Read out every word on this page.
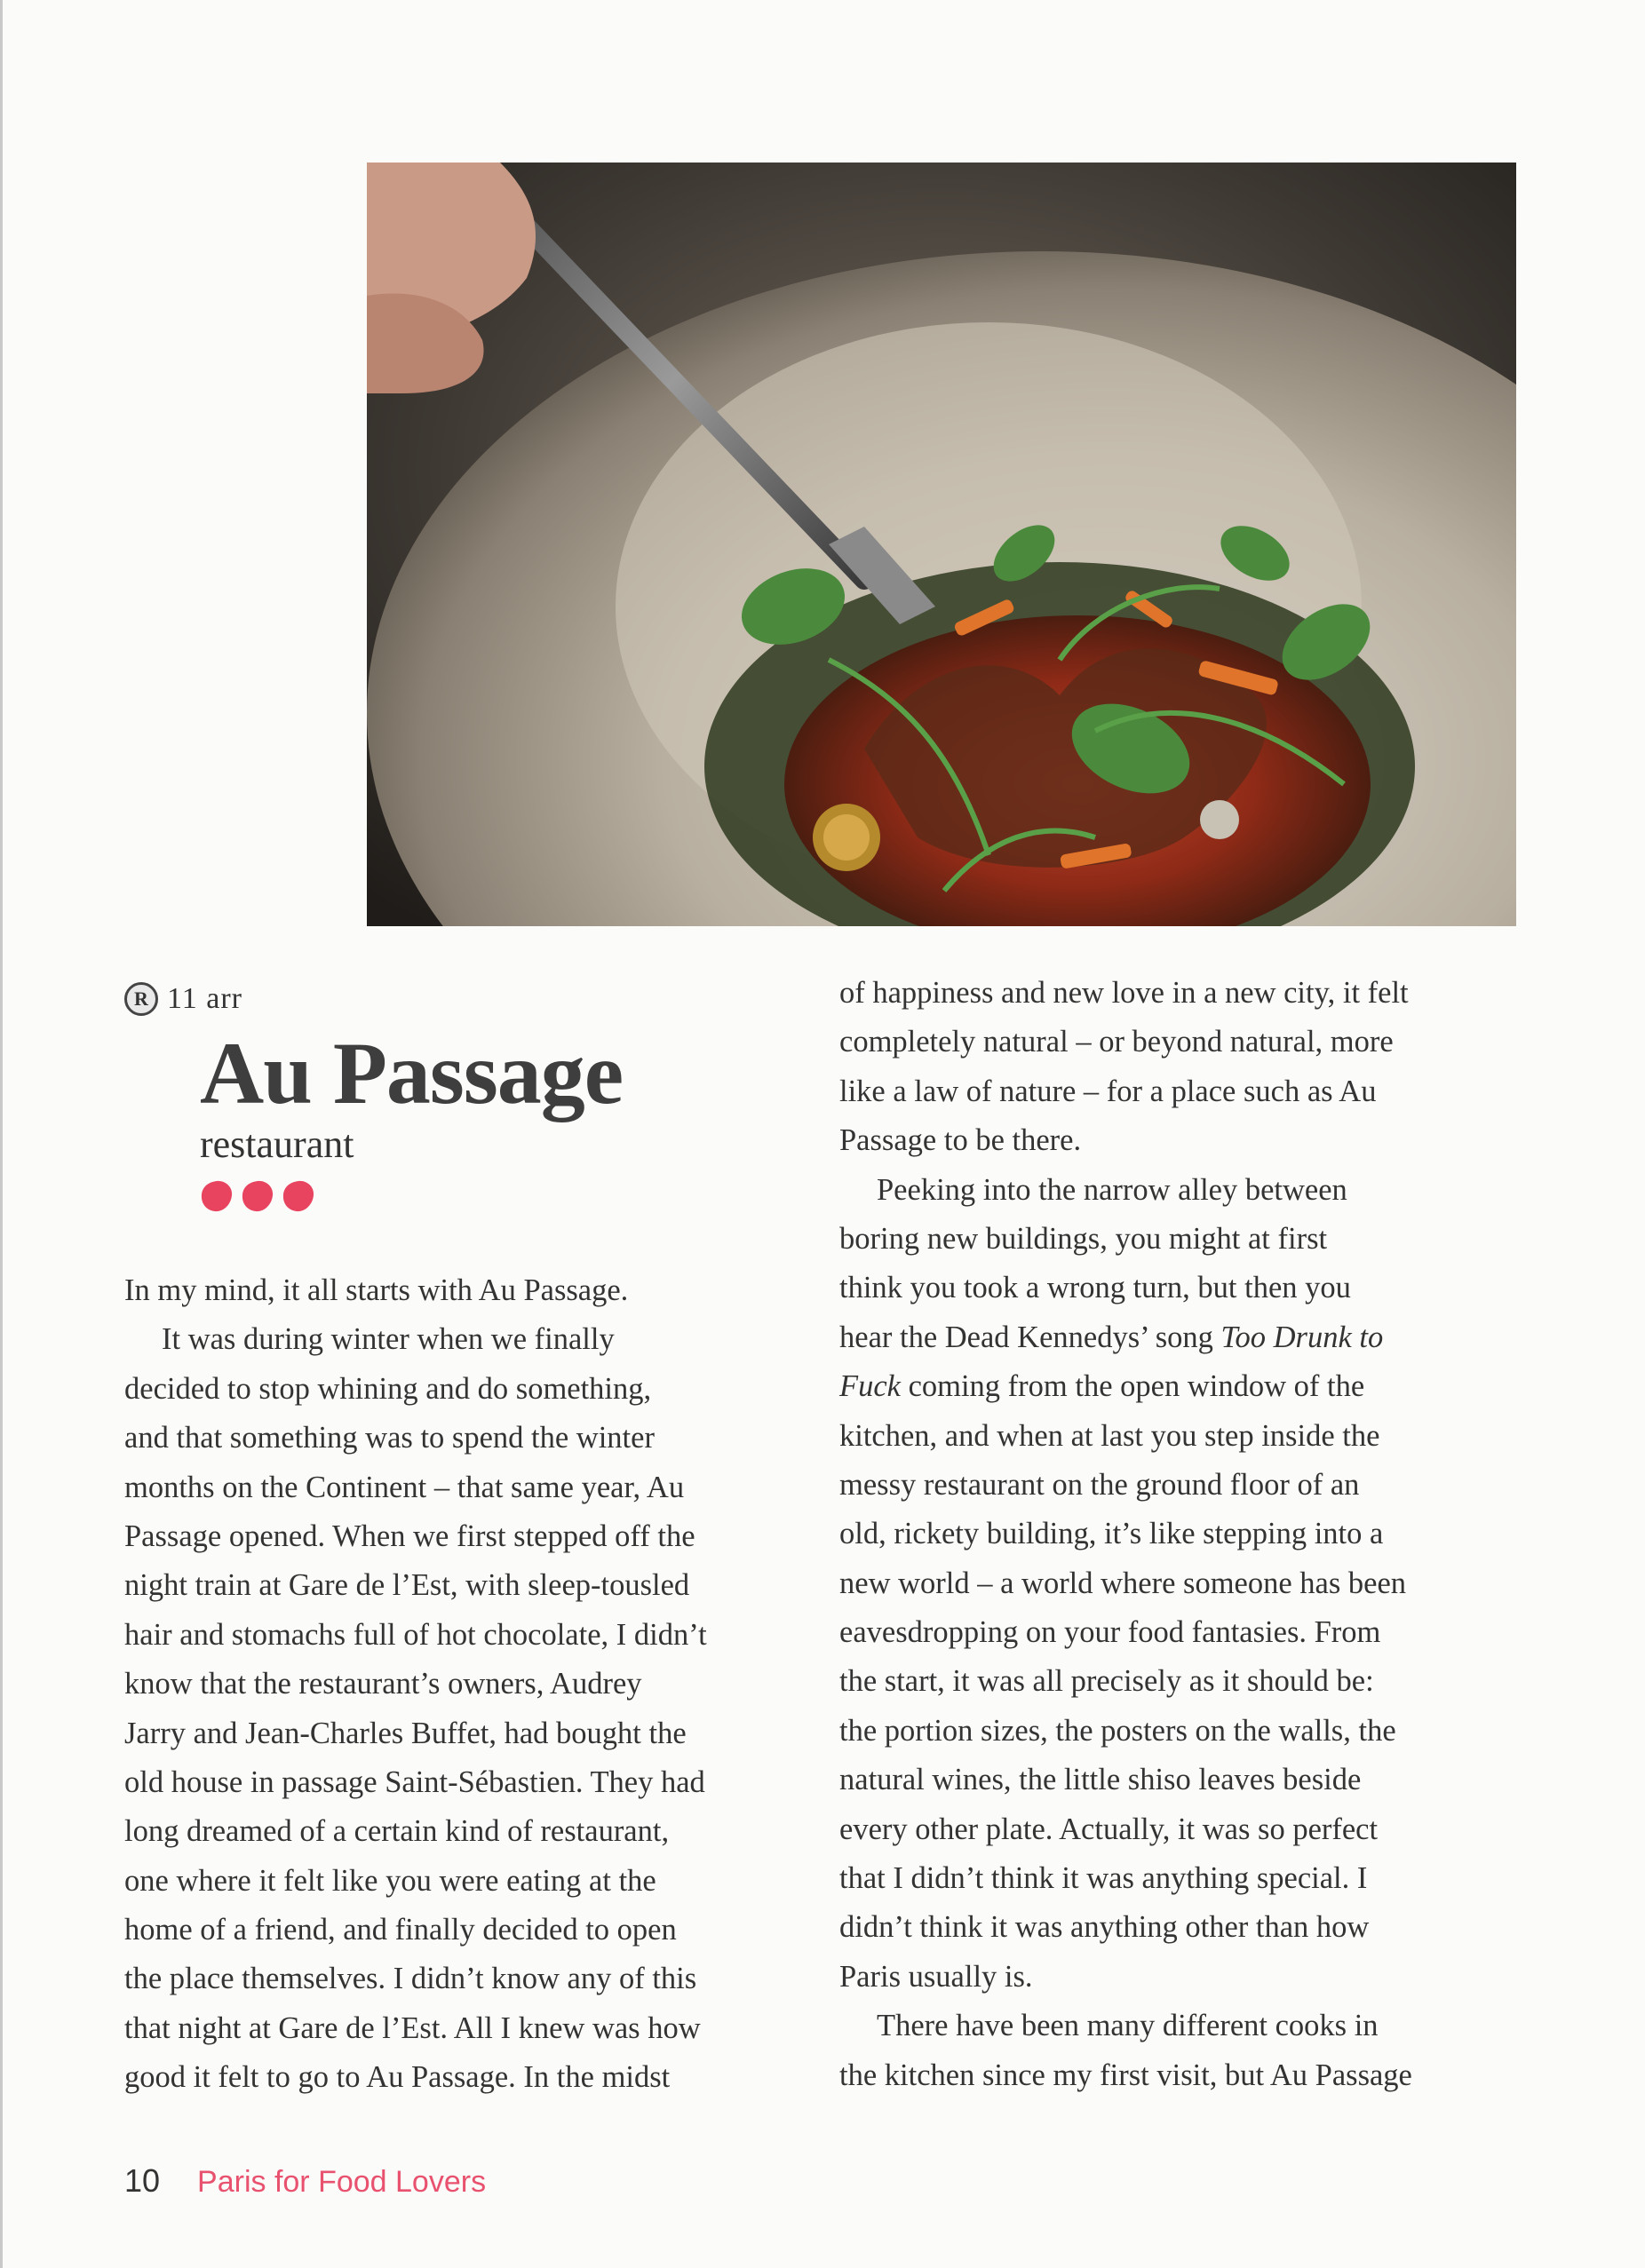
R 11 arr
Au Passage
restaurant
In my mind, it all starts with Au Passage.
It was during winter when we finally
decided to stop whining and do something,
and that something was to spend the winter
months on the Continent – that same year, Au
Passage opened. When we first stepped off the
night train at Gare de l’Est, with sleep-tousled
hair and stomachs full of hot chocolate, I didn’t
know that the restaurant’s owners, Audrey
Jarry and Jean-Charles Buffet, had bought the
old house in passage Saint-Sébastien. They had
long dreamed of a certain kind of restaurant,
one where it felt like you were eating at the
home of a friend, and finally decided to open
the place themselves. I didn’t know any of this
that night at Gare de l’Est. All I knew was how
good it felt to go to Au Passage. In the midst
of happiness and new love in a new city, it felt
completely natural – or beyond natural, more
like a law of nature – for a place such as Au
Passage to be there.
Peeking into the narrow alley between
boring new buildings, you might at first
think you took a wrong turn, but then you
hear the Dead Kennedys’ song Too Drunk to
Fuck coming from the open window of the
kitchen, and when at last you step inside the
messy restaurant on the ground floor of an
old, rickety building, it’s like stepping into a
new world – a world where someone has been
eavesdropping on your food fantasies. From
the start, it was all precisely as it should be:
the portion sizes, the posters on the walls, the
natural wines, the little shiso leaves beside
every other plate. Actually, it was so perfect
that I didn’t think it was anything special. I
didn’t think it was anything other than how
Paris usually is.
There have been many different cooks in
the kitchen since my first visit, but Au Passage
10 Paris for Food Lovers
